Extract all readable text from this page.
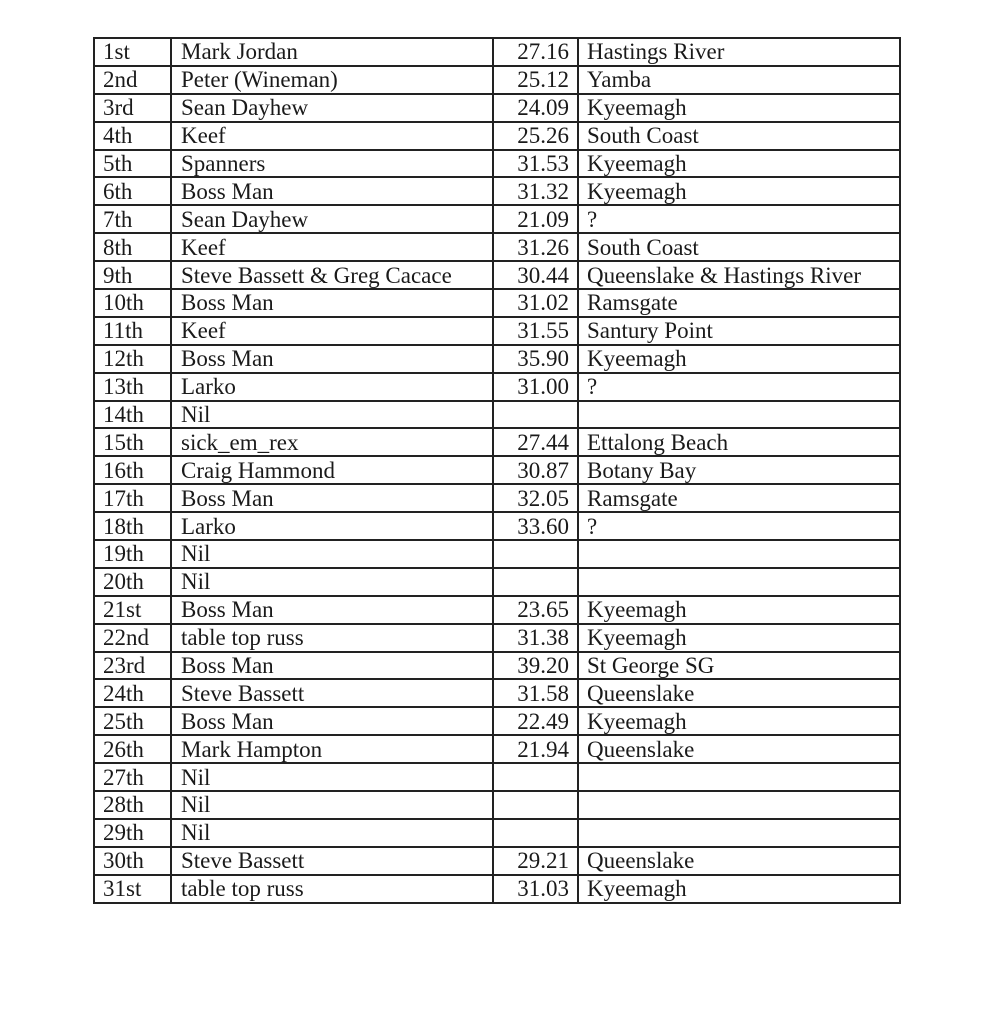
1st	Mark Jordan	27.16	Hastings River
2nd	Peter (Wineman)	25.12	Yamba
3rd	Sean Dayhew	24.09	Kyeemagh
4th	Keef	25.26	South Coast
5th	Spanners	31.53	Kyeemagh
6th	Boss Man	31.32	Kyeemagh
7th	Sean Dayhew	21.09	?
8th	Keef	31.26	South Coast
9th	Steve Bassett & Greg Cacace	30.44	Queenslake & Hastings River
10th	Boss Man	31.02	Ramsgate
11th	Keef	31.55	Santury Point
12th	Boss Man	35.90	Kyeemagh
13th	Larko	31.00	?
14th	Nil		
15th	sick_em_rex	27.44	Ettalong Beach
16th	Craig Hammond	30.87	Botany Bay
17th	Boss Man	32.05	Ramsgate
18th	Larko	33.60	?
19th	Nil		
20th	Nil		
21st	Boss Man	23.65	Kyeemagh
22nd	table top russ	31.38	Kyeemagh
23rd	Boss Man	39.20	St George SG
24th	Steve Bassett	31.58	Queenslake
25th	Boss Man	22.49	Kyeemagh
26th	Mark Hampton	21.94	Queenslake
27th	Nil		
28th	Nil		
29th	Nil		
30th	Steve Bassett	29.21	Queenslake
31st	table top russ	31.03	Kyeemagh
